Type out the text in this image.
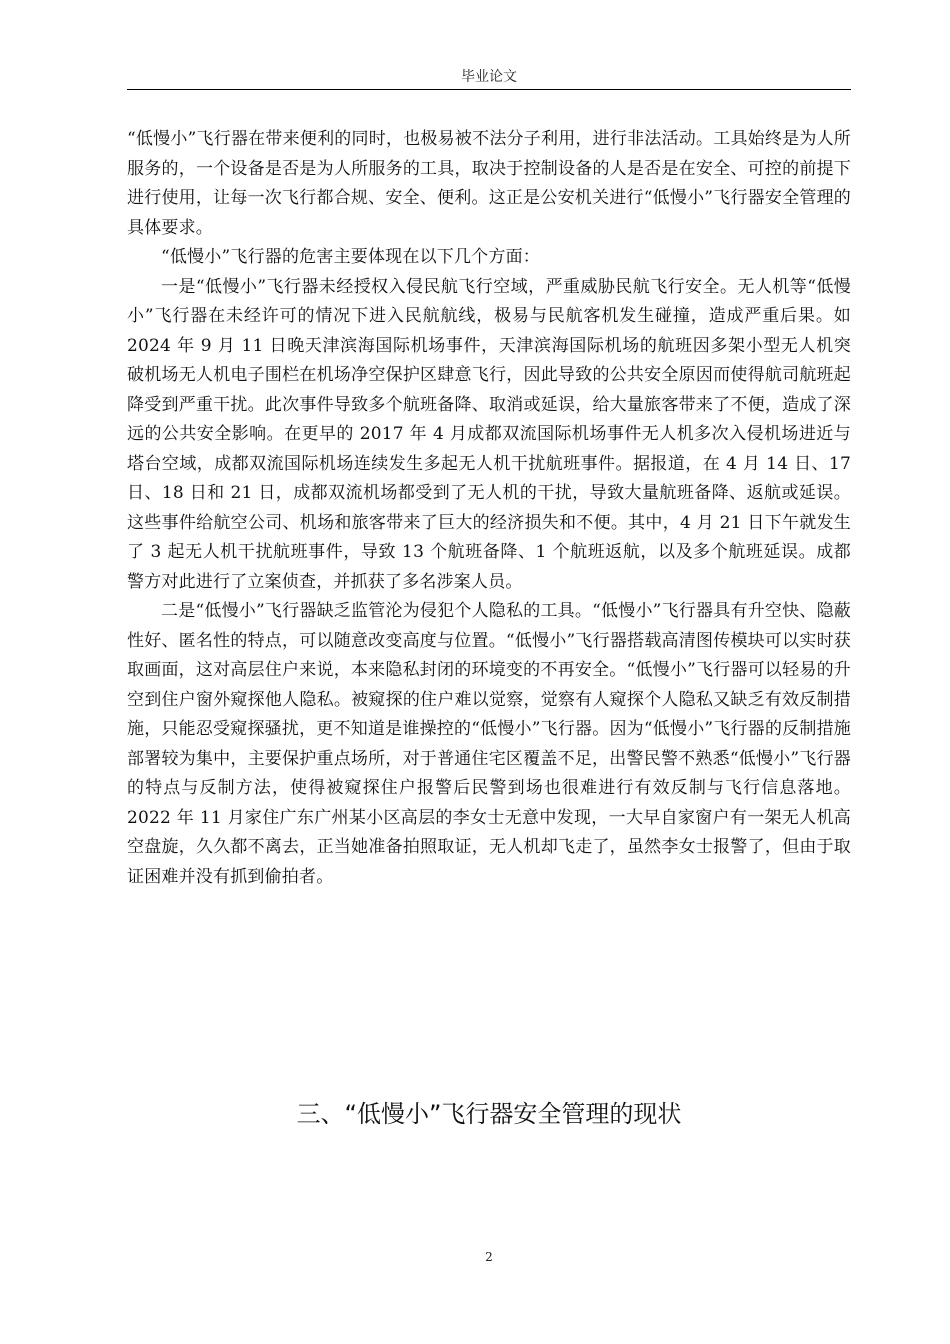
毕业论文

“低慢小”飞行器在带来便利的同时，也极易被不法分子利用，进行非法活动。工具始终是为人所服务的，一个设备是否是为人所服务的工具，取决于控制设备的人是否是在安全、可控的前提下进行使用，让每一次飞行都合规、安全、便利。这正是公安机关进行“低慢小”飞行器安全管理的具体要求。

“低慢小”飞行器的危害主要体现在以下几个方面：

一是“低慢小”飞行器未经授权入侵民航飞行空域，严重威胁民航飞行安全。无人机等“低慢小”飞行器在未经许可的情况下进入民航航线，极易与民航客机发生碰撞，造成严重后果。如 2024 年 9 月 11 日晚天津滨海国际机场事件，天津滨海国际机场的航班因多架小型无人机突破机场无人机电子围栏在机场净空保护区肆意飞行，因此导致的公共安全原因而使得航司航班起降受到严重干扰。此次事件导致多个航班备降、取消或延误，给大量旅客带来了不便，造成了深远的公共安全影响。在更早的 2017 年 4 月成都双流国际机场事件无人机多次入侵机场进近与塔台空域，成都双流国际机场连续发生多起无人机干扰航班事件。据报道，在 4 月 14 日、17 日、18 日和 21 日，成都双流机场都受到了无人机的干扰，导致大量航班备降、返航或延误。这些事件给航空公司、机场和旅客带来了巨大的经济损失和不便。其中，4 月 21 日下午就发生了 3 起无人机干扰航班事件，导致 13 个航班备降、1 个航班返航，以及多个航班延误。成都警方对此进行了立案侦查，并抓获了多名涉案人员。

二是“低慢小”飞行器缺乏监管沦为侵犯个人隐私的工具。“低慢小”飞行器具有升空快、隐蔽性好、匿名性的特点，可以随意改变高度与位置。“低慢小”飞行器搭载高清图传模块可以实时获取画面，这对高层住户来说，本来隐私封闭的环境变的不再安全。“低慢小”飞行器可以轻易的升空到住户窗外窥探他人隐私。被窥探的住户难以觉察，觉察有人窥探个人隐私又缺乏有效反制措施，只能忍受窥探骚扰，更不知道是谁操控的“低慢小”飞行器。因为“低慢小”飞行器的反制措施部署较为集中，主要保护重点场所，对于普通住宅区覆盖不足，出警民警不熟悉“低慢小”飞行器的特点与反制方法，使得被窥探住户报警后民警到场也很难进行有效反制与飞行信息落地。2022 年 11 月家住广东广州某小区高层的李女士无意中发现，一大早自家窗户有一架无人机高空盘旋，久久都不离去，正当她准备拍照取证，无人机却飞走了，虽然李女士报警了，但由于取证困难并没有抓到偷拍者。

三、“低慢小”飞行器安全管理的现状
2
